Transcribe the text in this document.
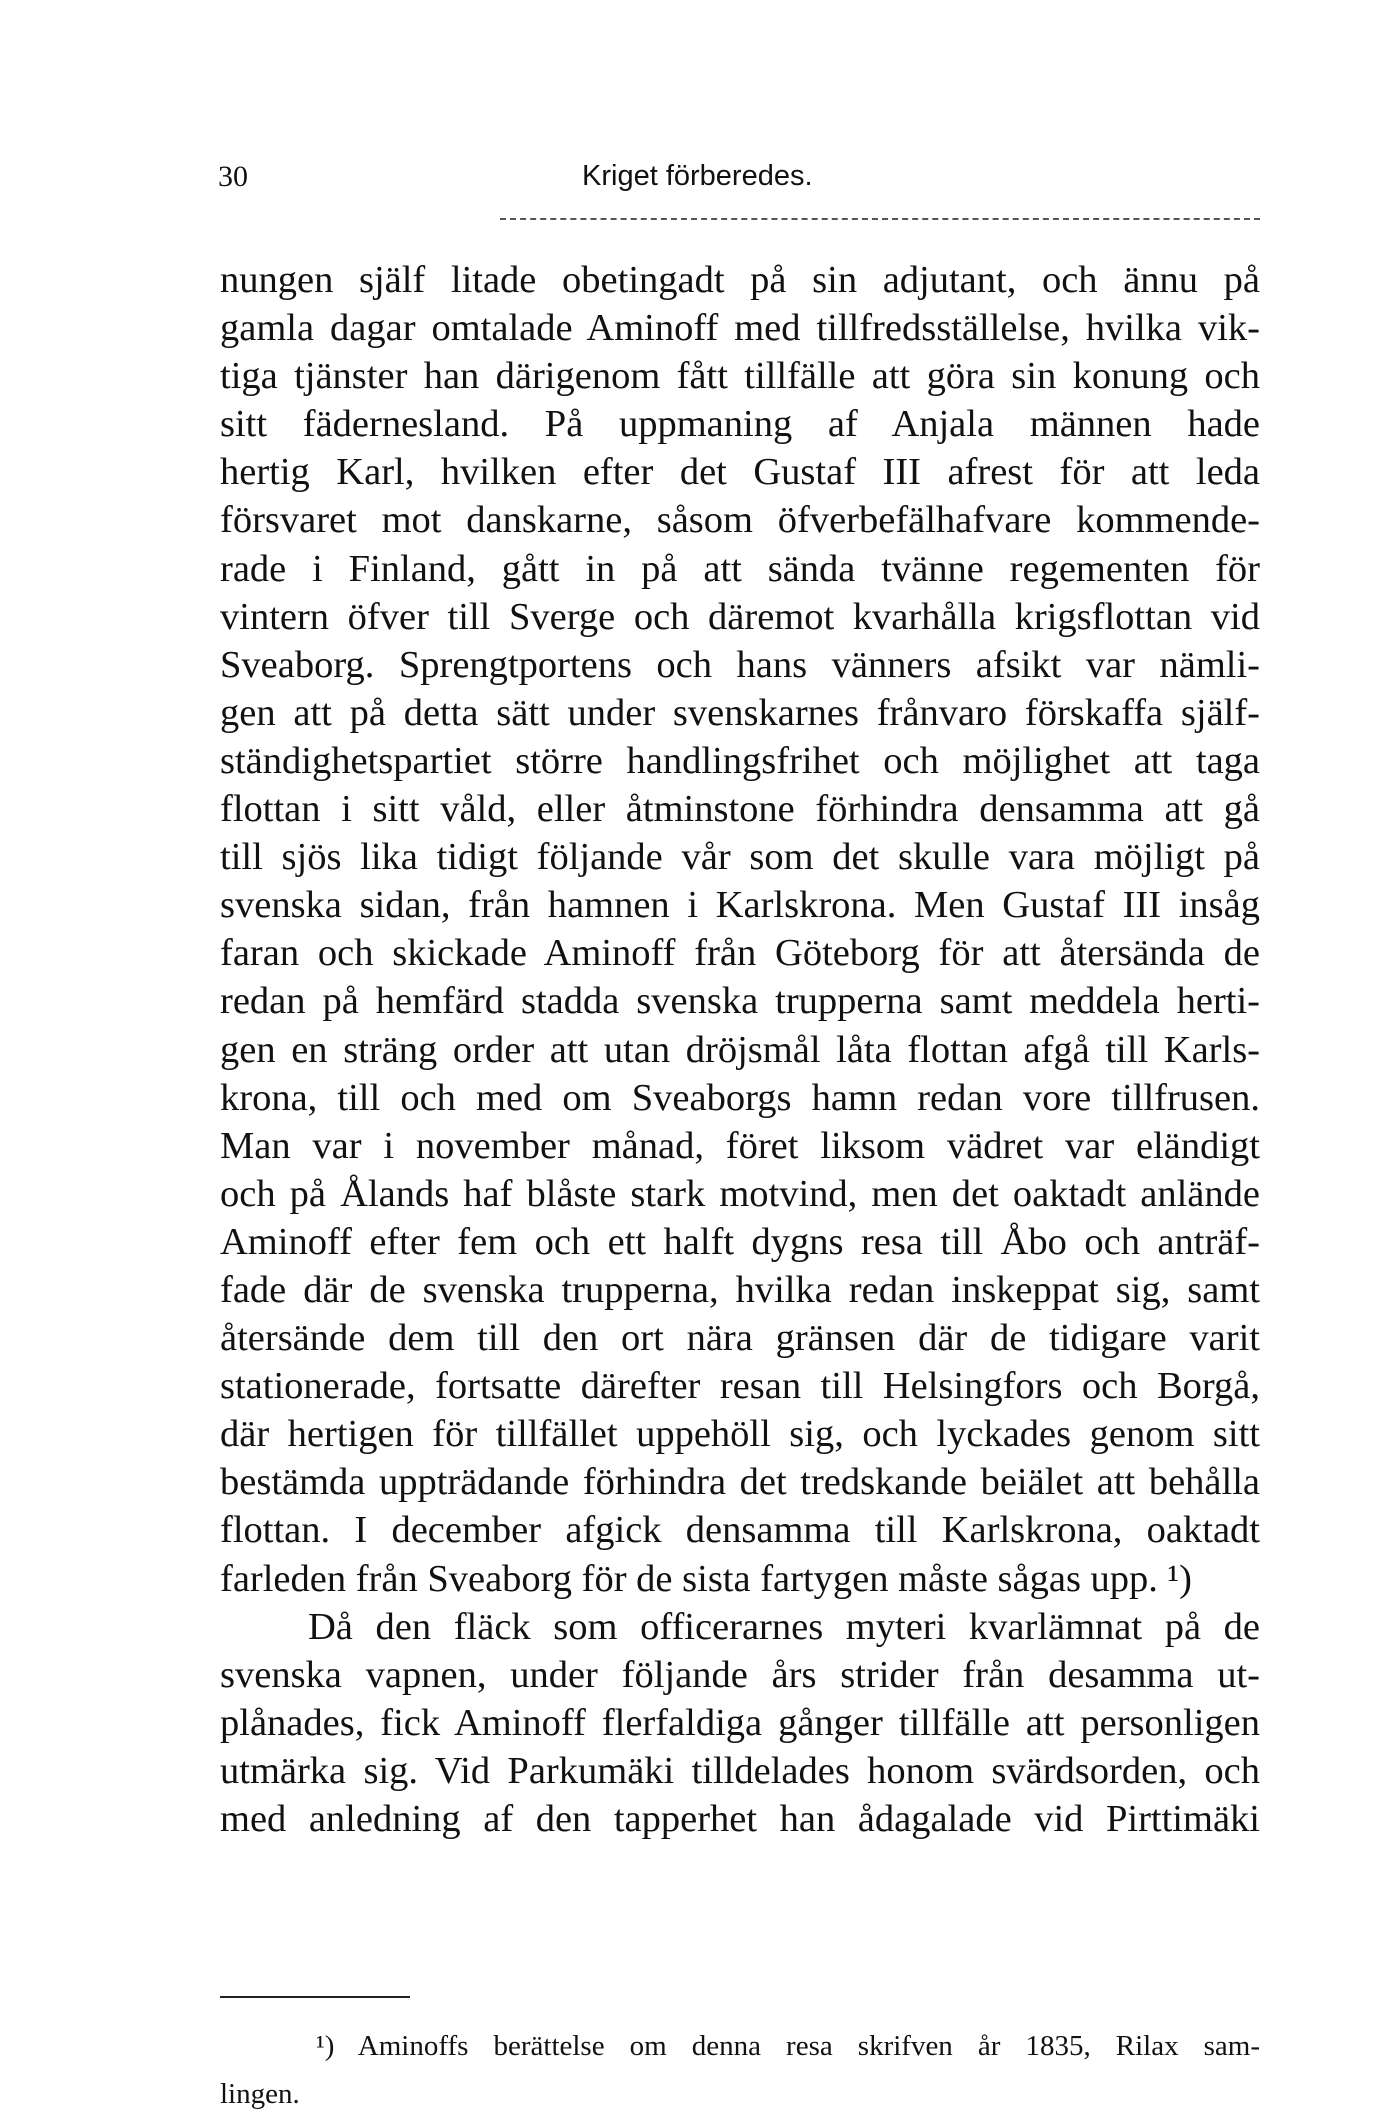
30	Kriget förberedes.
nungen själf litade obetingadt på sin adjutant, och ännu på
gamla dagar omtalade Aminoff med tillfredsställelse, hvilka vik-
tiga tjänster han därigenom fått tillfälle att göra sin konung och
sitt fädernesland. På uppmaning af Anjala männen hade
hertig Karl, hvilken efter det Gustaf III afrest för att leda
försvaret mot danskarne, såsom öfverbefälhafvare kommende-
rade i Finland, gått in på att sända tvänne regementen för
vintern öfver till Sverge och däremot kvarhålla krigsflottan vid
Sveaborg. Sprengtportens och hans vänners afsikt var nämli-
gen att på detta sätt under svenskarnes frånvaro förskaffa själf-
ständighetspartiet större handlingsfrihet och möjlighet att taga
flottan i sitt våld, eller åtminstone förhindra densamma att gå
till sjös lika tidigt följande vår som det skulle vara möjligt på
svenska sidan, från hamnen i Karlskrona. Men Gustaf III insåg
faran och skickade Aminoff från Göteborg för att återsända de
redan på hemfärd stadda svenska trupperna samt meddela herti-
gen en sträng order att utan dröjsmål låta flottan afgå till Karls-
krona, till och med om Sveaborgs hamn redan vore tillfrusen.
Man var i november månad, föret liksom vädret var eländigt
och på Ålands haf blåste stark motvind, men det oaktadt anlände
Aminoff efter fem och ett halft dygns resa till Åbo och anträf-
fade där de svenska trupperna, hvilka redan inskeppat sig, samt
återsände dem till den ort nära gränsen där de tidigare varit
stationerade, fortsatte därefter resan till Helsingfors och Borgå,
där hertigen för tillfället uppehöll sig, och lyckades genom sitt
bestämda uppträdande förhindra det tredskande beiälet att behålla
flottan. I december afgick densamma till Karlskrona, oaktadt
farleden från Sveaborg för de sista fartygen måste sågas upp. ¹)
Då den fläck som officerarnes myteri kvarlämnat på de
svenska vapnen, under följande års strider från desamma ut-
plånades, fick Aminoff flerfaldiga gånger tillfälle att personligen
utmärka sig. Vid Parkumäki tilldelades honom svärdsorden, och
med anledning af den tapperhet han ådagalade vid Pirttimäki
¹) Aminoffs berättelse om denna resa skrifven år 1835, Rilax sam-
lingen.
